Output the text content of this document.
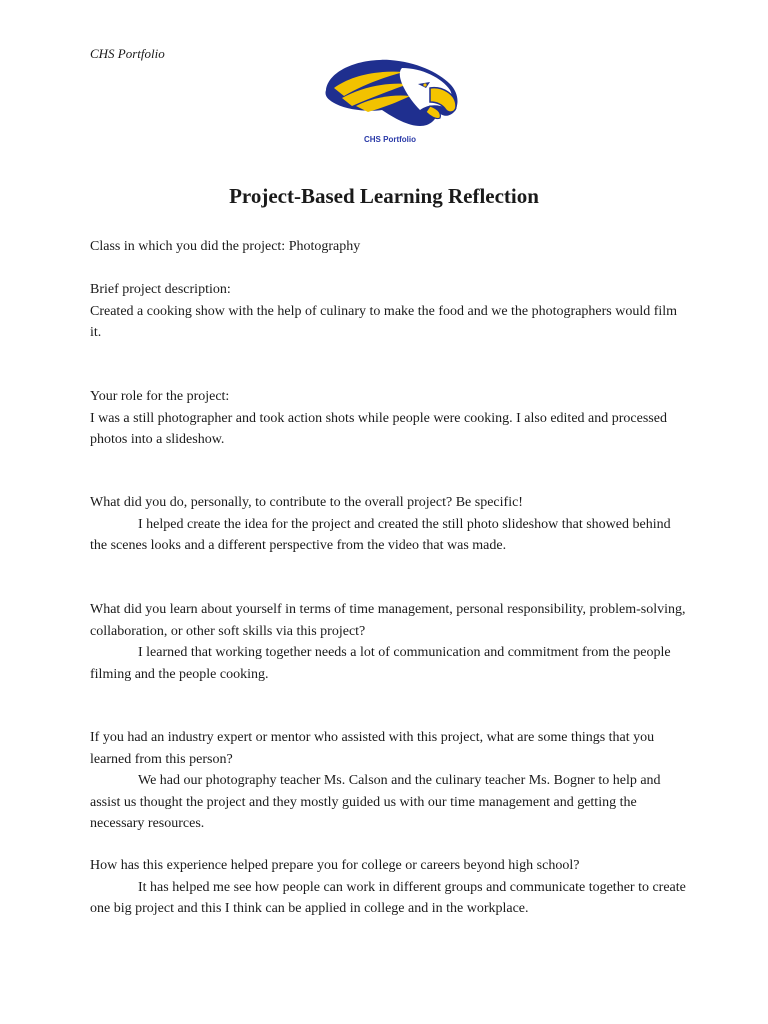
CHS Portfolio
CHS Portfolio
Project-Based Learning Reflection

Class in which you did the project: Photography

Brief project description:

Created a cooking show with the help of culinary to make the food and we the photographers would film it.

Your role for the project:

I was a still photographer and took action shots while people were cooking. I also edited and processed photos into a slideshow.

What did you do, personally, to contribute to the overall project? Be specific!

I helped create the idea for the project and created the still photo slideshow that showed behind the scenes looks and a different perspective from the video that was made.

What did you learn about yourself in terms of time management, personal responsibility, problem-solving, collaboration, or other soft skills via this project?

I learned that working together needs a lot of communication and commitment from the people filming and the people cooking.

If you had an industry expert or mentor who assisted with this project, what are some things that you learned from this person?

We had our photography teacher Ms. Calson and the culinary teacher Ms. Bogner to help and assist us thought the project and they mostly guided us with our time management and getting the necessary resources.

How has this experience helped prepare you for college or careers beyond high school?

It has helped me see how people can work in different groups and communicate together to create one big project and this I think can be applied in college and in the workplace.
